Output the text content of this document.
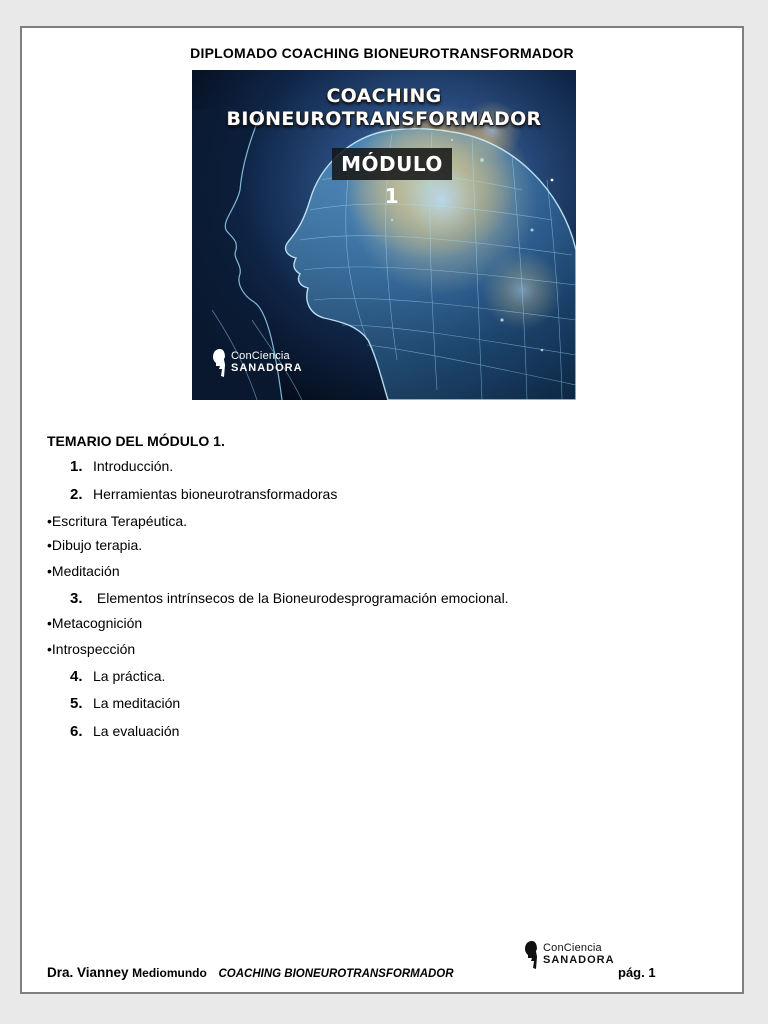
DIPLOMADO COACHING BIONEUROTRANSFORMADOR
COACHING
BIONEUROTRANSFORMADOR
MÓDULO 1
ConCiencia
SANADORA
TEMARIO DEL MÓDULO 1.
1. Introducción.
2. Herramientas bioneurotransformadoras
•Escritura Terapéutica.
•Dibujo terapia.
•Meditación
3. Elementos intrínsecos de la Bioneurodesprogramación emocional.
•Metacognición
•Introspección
4. La práctica.
5. La meditación
6. La evaluación
Dra. Vianney Mediomundo COACHING BIONEUROTRANSFORMADOR
ConCiencia
SANADORA
pág. 1
